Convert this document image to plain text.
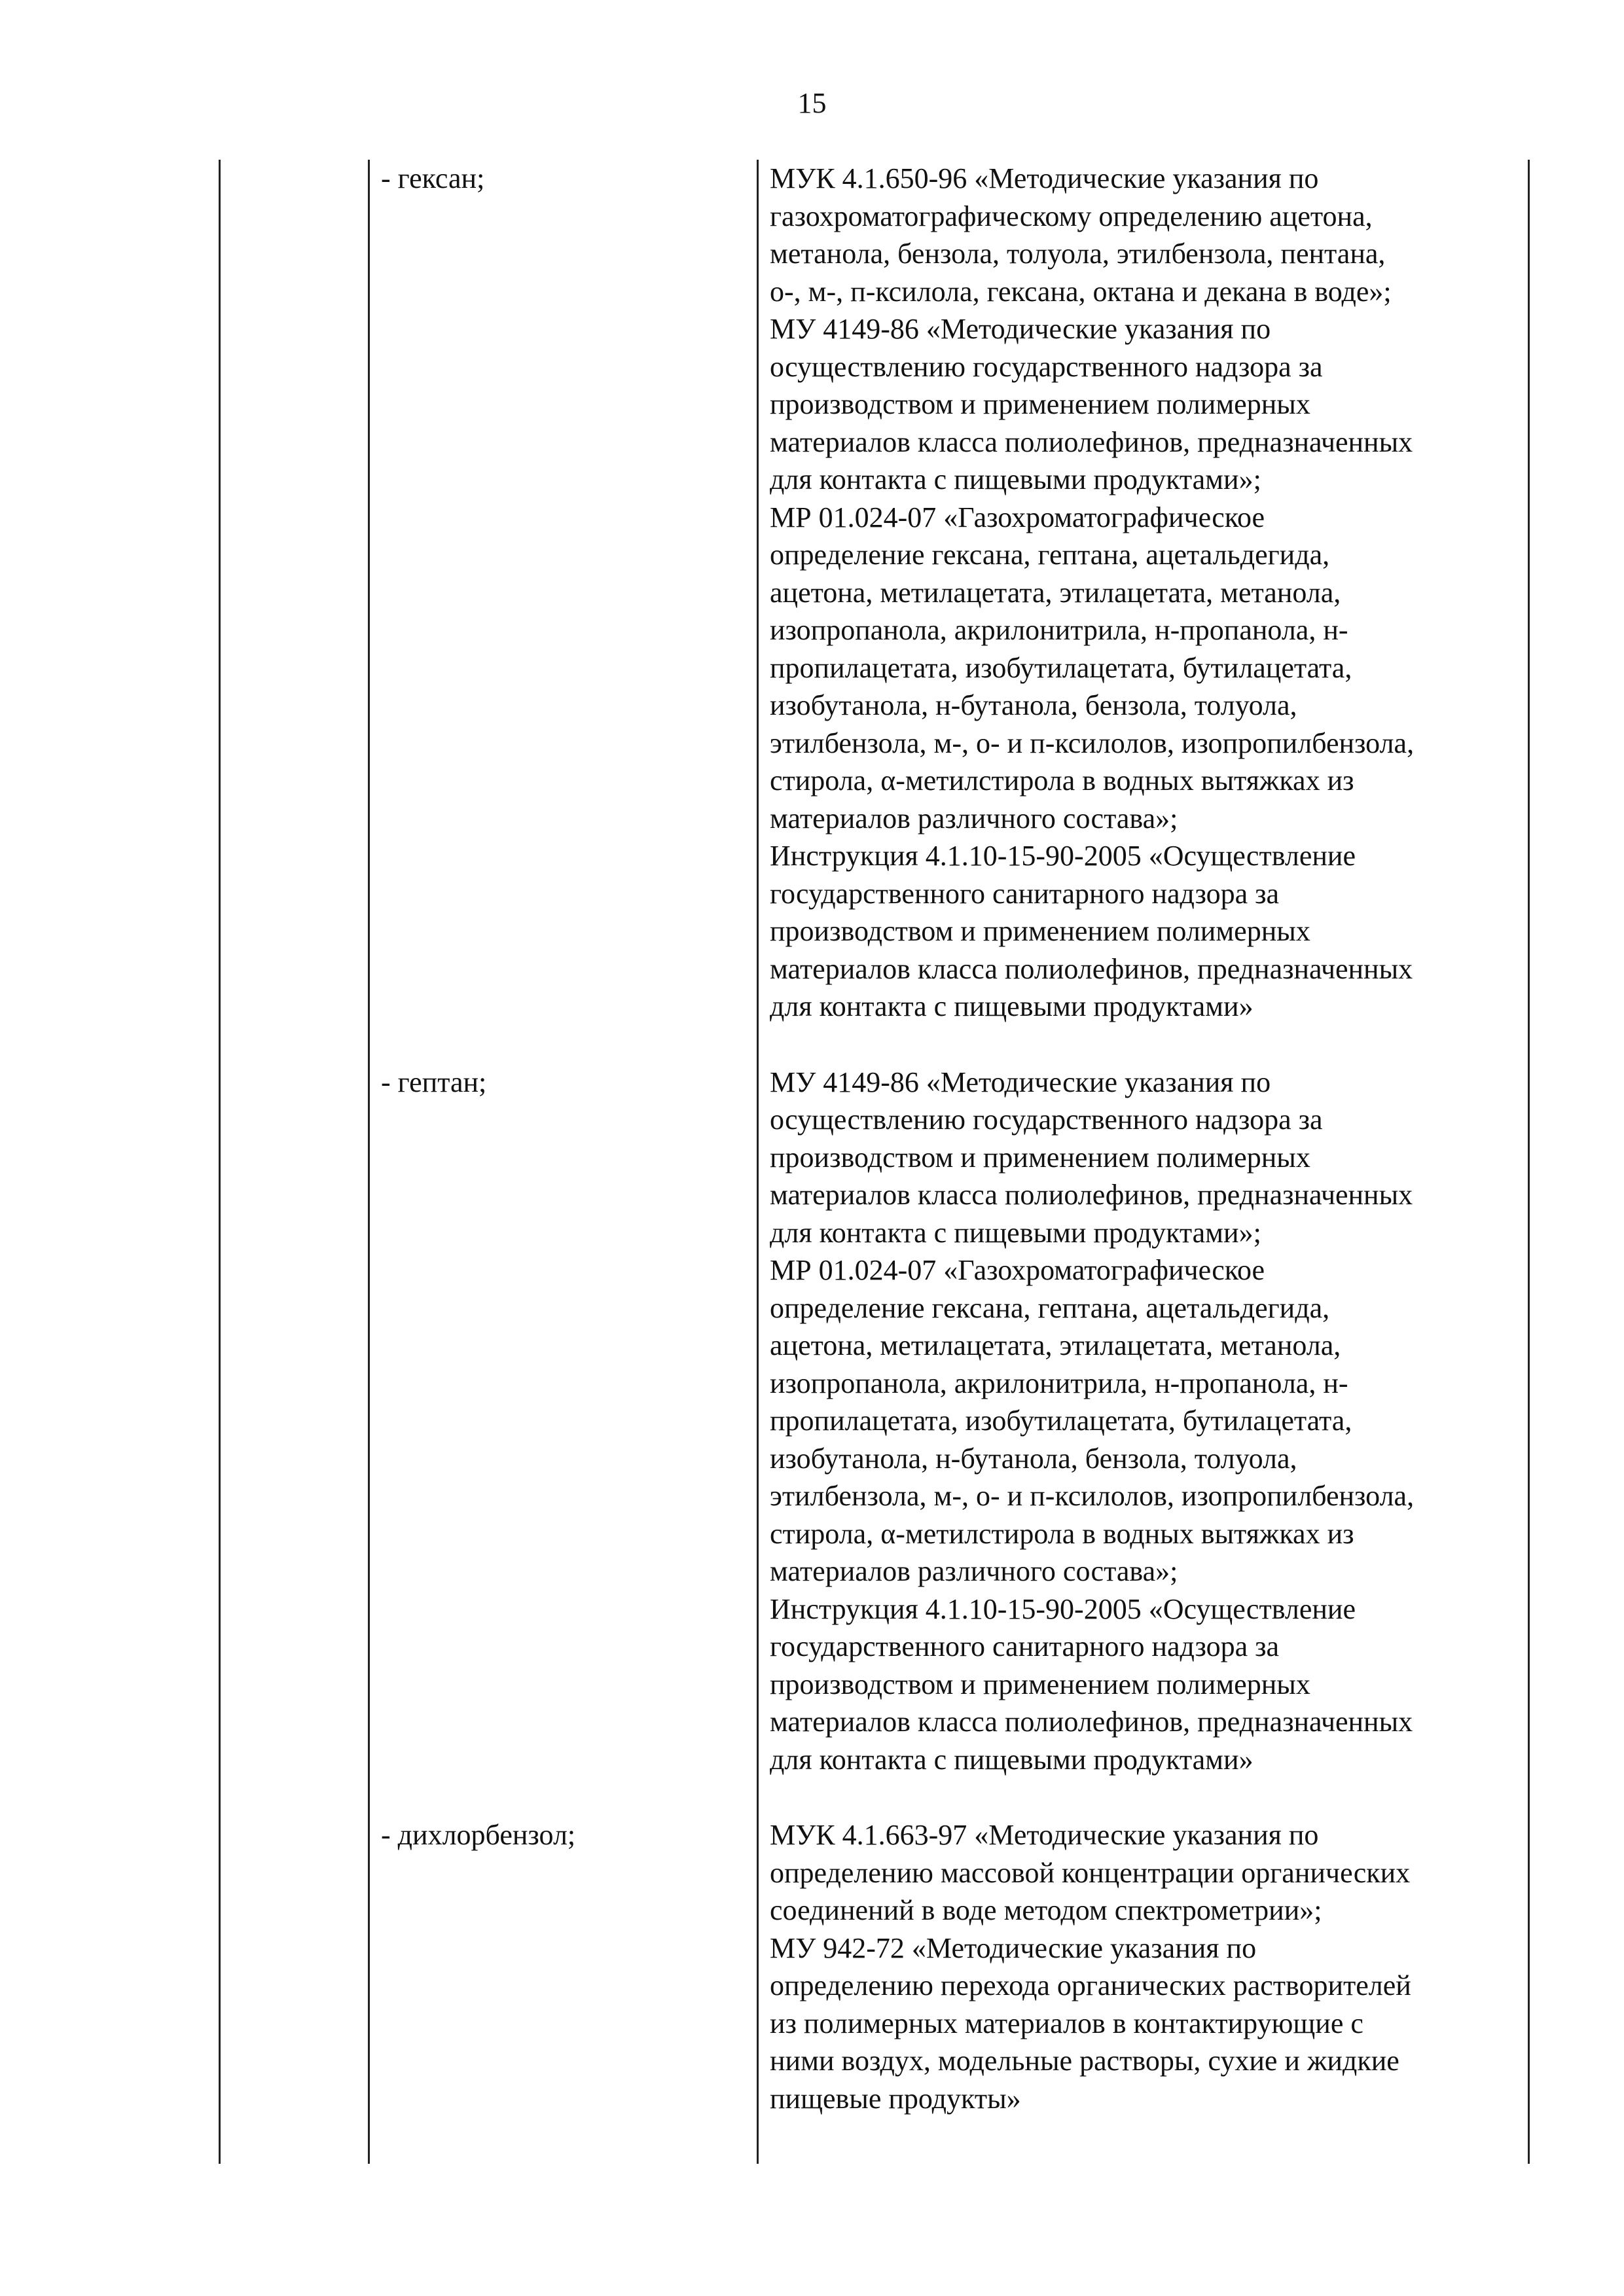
15
- гексан;	МУК 4.1.650-96 «Методические указания по
газохроматографическому определению ацетона,
метанола, бензола, толуола, этилбензола, пентана,
о-, м-, п-ксилола, гексана, октана и декана в воде»;
МУ 4149-86 «Методические указания по
осуществлению государственного надзора за
производством и применением полимерных
материалов класса полиолефинов, предназначенных
для контакта с пищевыми продуктами»;
МР 01.024-07 «Газохроматографическое
определение гексана, гептана, ацетальдегида,
ацетона, метилацетата, этилацетата, метанола,
изопропанола, акрилонитрила, н-пропанола, н-
пропилацетата, изобутилацетата, бутилацетата,
изобутанола, н-бутанола, бензола, толуола,
этилбензола, м-, о- и п-ксилолов, изопропилбензола,
стирола, α-метилстирола в водных вытяжках из
материалов различного состава»;
Инструкция 4.1.10-15-90-2005 «Осуществление
государственного санитарного надзора за
производством и применением полимерных
материалов класса полиолефинов, предназначенных
для контакта с пищевыми продуктами»
- гептан;	МУ 4149-86 «Методические указания по
осуществлению государственного надзора за
производством и применением полимерных
материалов класса полиолефинов, предназначенных
для контакта с пищевыми продуктами»;
МР 01.024-07 «Газохроматографическое
определение гексана, гептана, ацетальдегида,
ацетона, метилацетата, этилацетата, метанола,
изопропанола, акрилонитрила, н-пропанола, н-
пропилацетата, изобутилацетата, бутилацетата,
изобутанола, н-бутанола, бензола, толуола,
этилбензола, м-, о- и п-ксилолов, изопропилбензола,
стирола, α-метилстирола в водных вытяжках из
материалов различного состава»;
Инструкция 4.1.10-15-90-2005 «Осуществление
государственного санитарного надзора за
производством и применением полимерных
материалов класса полиолефинов, предназначенных
для контакта с пищевыми продуктами»
- дихлорбензол;	МУК 4.1.663-97 «Методические указания по
определению массовой концентрации органических
соединений в воде методом спектрометрии»;
МУ 942-72 «Методические указания по
определению перехода органических растворителей
из полимерных материалов в контактирующие с
ними воздух, модельные растворы, сухие и жидкие
пищевые продукты»
